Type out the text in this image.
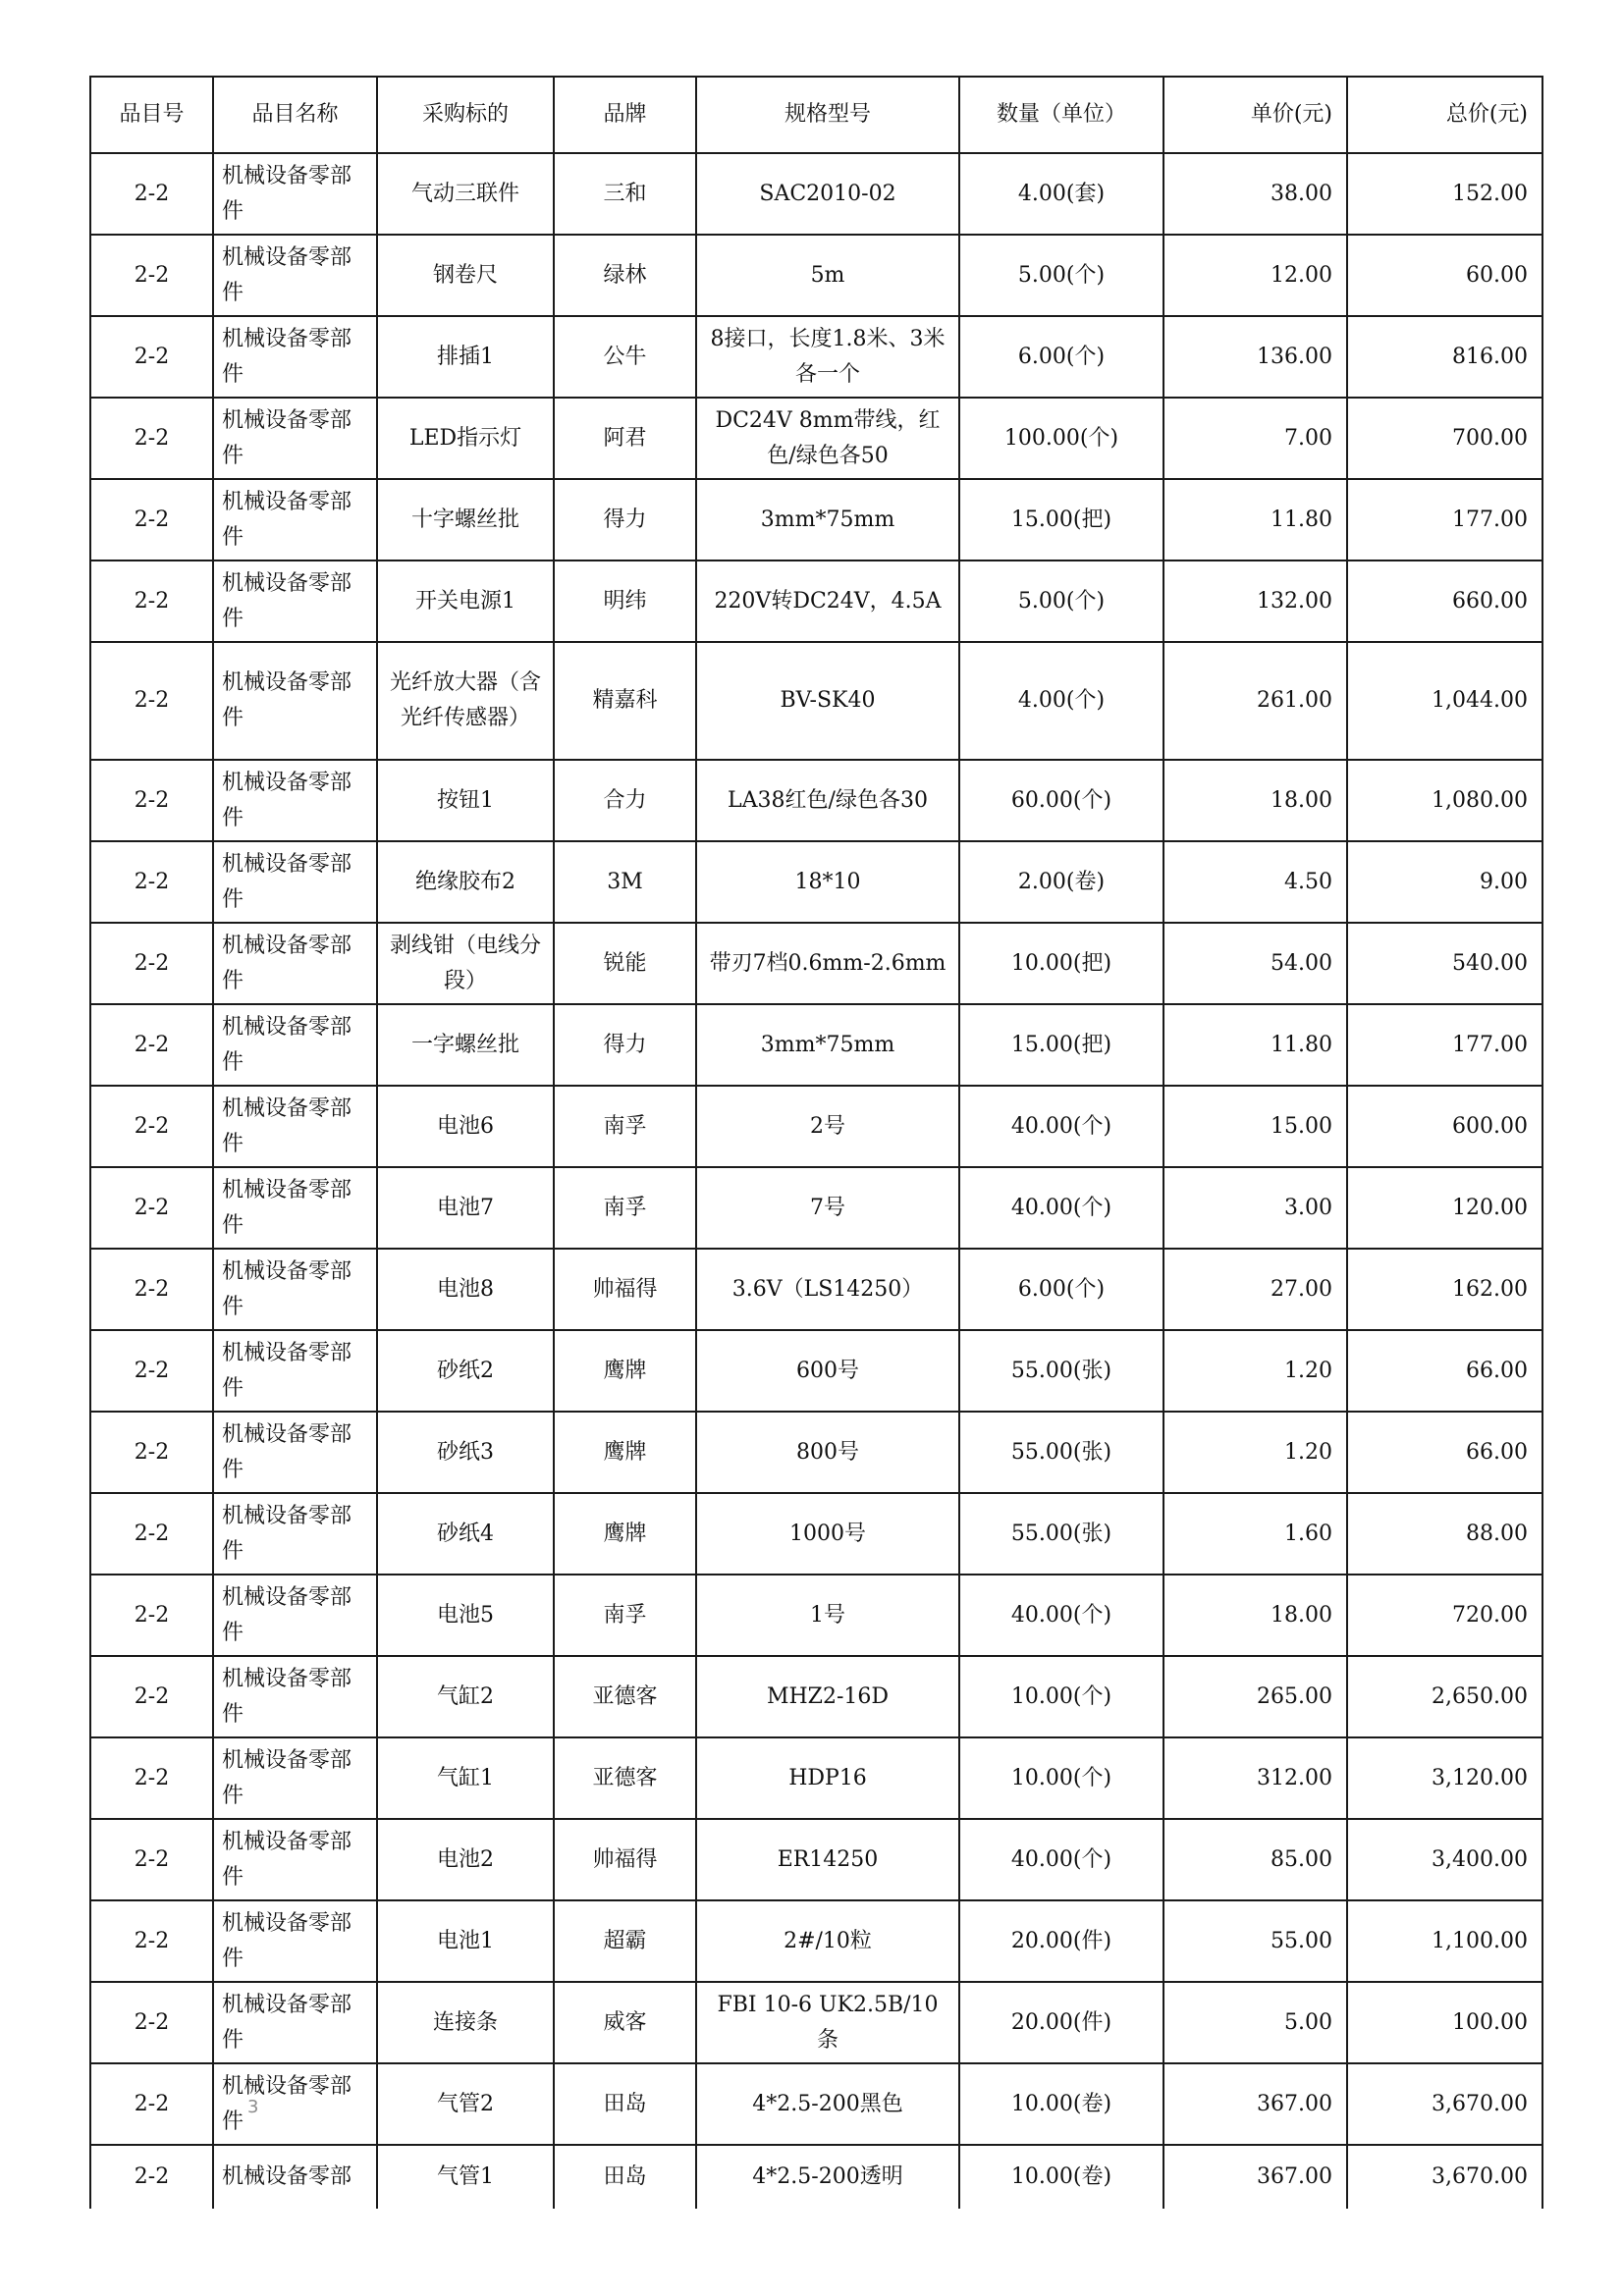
品目号	品目名称	采购标的	品牌	规格型号	数量（单位）	单价(元)	总价(元)
2-2	机械设备零部件	气动三联件	三和	SAC2010-02	4.00(套)	38.00	152.00
2-2	机械设备零部件	钢卷尺	绿林	5m	5.00(个)	12.00	60.00
2-2	机械设备零部件	排插1	公牛	8接口，长度1.8米、3米各一个	6.00(个)	136.00	816.00
2-2	机械设备零部件	LED指示灯	阿君	DC24V 8mm带线，红色/绿色各50	100.00(个)	7.00	700.00
2-2	机械设备零部件	十字螺丝批	得力	3mm*75mm	15.00(把)	11.80	177.00
2-2	机械设备零部件	开关电源1	明纬	220V转DC24V，4.5A	5.00(个)	132.00	660.00
2-2	机械设备零部件	光纤放大器（含光纤传感器）	精嘉科	BV-SK40	4.00(个)	261.00	1,044.00
2-2	机械设备零部件	按钮1	合力	LA38红色/绿色各30	60.00(个)	18.00	1,080.00
2-2	机械设备零部件	绝缘胶布2	3M	18*10	2.00(卷)	4.50	9.00
2-2	机械设备零部件	剥线钳（电线分段）	锐能	带刃7档0.6mm-2.6mm	10.00(把)	54.00	540.00
2-2	机械设备零部件	一字螺丝批	得力	3mm*75mm	15.00(把)	11.80	177.00
2-2	机械设备零部件	电池6	南孚	2号	40.00(个)	15.00	600.00
2-2	机械设备零部件	电池7	南孚	7号	40.00(个)	3.00	120.00
2-2	机械设备零部件	电池8	帅福得	3.6V（LS14250）	6.00(个)	27.00	162.00
2-2	机械设备零部件	砂纸2	鹰牌	600号	55.00(张)	1.20	66.00
2-2	机械设备零部件	砂纸3	鹰牌	800号	55.00(张)	1.20	66.00
2-2	机械设备零部件	砂纸4	鹰牌	1000号	55.00(张)	1.60	88.00
2-2	机械设备零部件	电池5	南孚	1号	40.00(个)	18.00	720.00
2-2	机械设备零部件	气缸2	亚德客	MHZ2-16D	10.00(个)	265.00	2,650.00
2-2	机械设备零部件	气缸1	亚德客	HDP16	10.00(个)	312.00	3,120.00
2-2	机械设备零部件	电池2	帅福得	ER14250	40.00(个)	85.00	3,400.00
2-2	机械设备零部件	电池1	超霸	2#/10粒	20.00(件)	55.00	1,100.00
2-2	机械设备零部件	连接条	威客	FBI 10-6 UK2.5B/10条	20.00(件)	5.00	100.00
2-2	机械设备零部件	气管2	田岛	4*2.5-200黑色	10.00(卷)	367.00	3,670.00
2-2	机械设备零部	气管1	田岛	4*2.5-200透明	10.00(卷)	367.00	3,670.00
3
